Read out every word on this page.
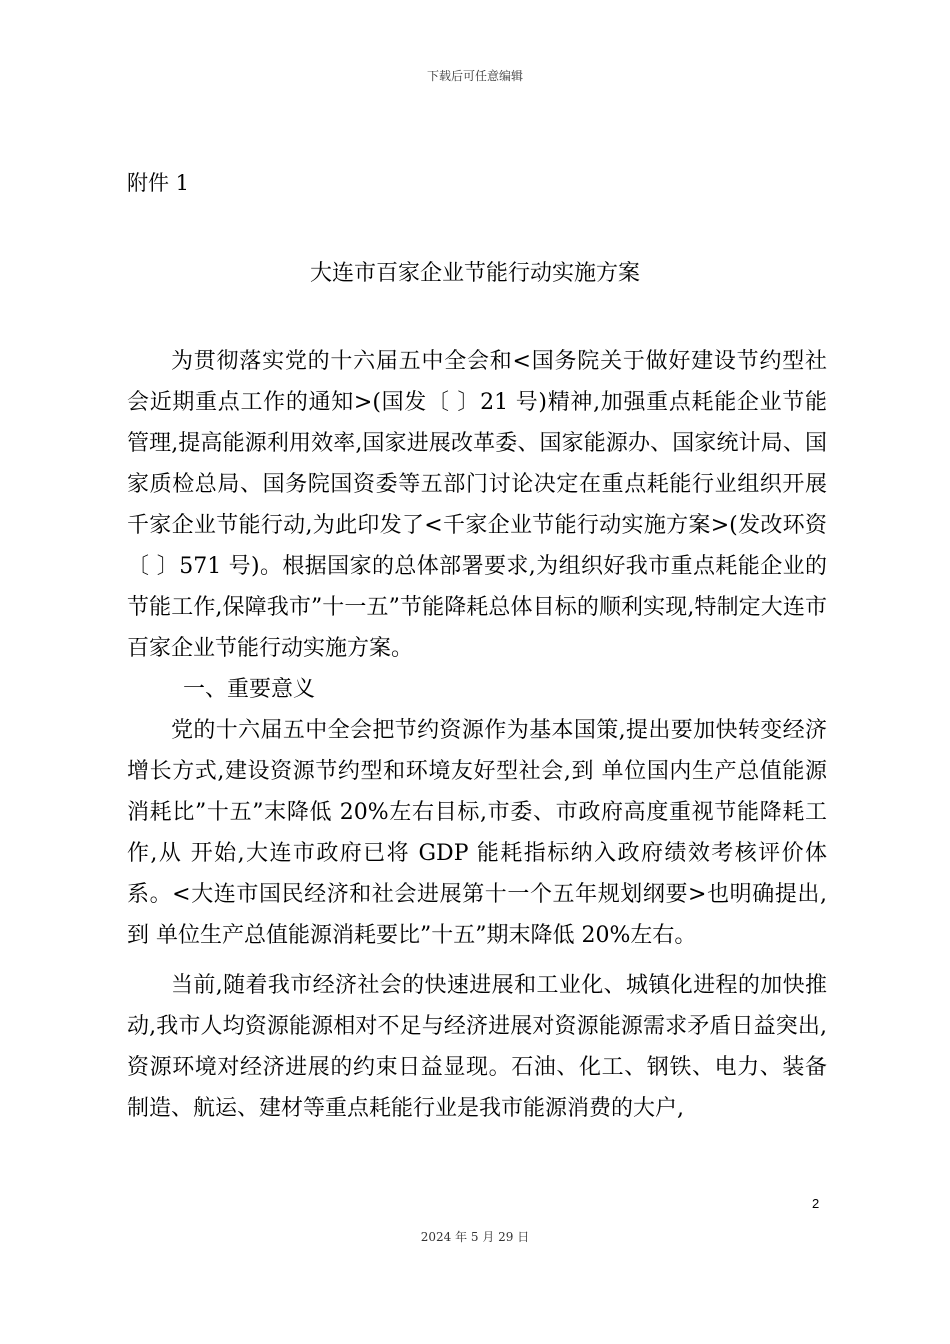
下载后可任意编辑
附件 1
大连市百家企业节能行动实施方案

为贯彻落实党的十六届五中全会和<国务院关于做好建设节约型社会近期重点工作的通知>(国发〔 〕21 号)精神,加强重点耗能企业节能管理,提高能源利用效率,国家进展改革委、国家能源办、国家统计局、国家质检总局、国务院国资委等五部门讨论决定在重点耗能行业组织开展千家企业节能行动,为此印发了<千家企业节能行动实施方案>(发改环资〔 〕571 号)。根据国家的总体部署要求,为组织好我市重点耗能企业的节能工作,保障我市”十一五”节能降耗总体目标的顺利实现,特制定大连市百家企业节能行动实施方案。

一、重要意义

党的十六届五中全会把节约资源作为基本国策,提出要加快转变经济增长方式,建设资源节约型和环境友好型社会,到 单位国内生产总值能源消耗比”十五”末降低 20%左右目标,市委、市政府高度重视节能降耗工作,从 开始,大连市政府已将 GDP 能耗指标纳入政府绩效考核评价体系。<大连市国民经济和社会进展第十一个五年规划纲要>也明确提出,到 单位生产总值能源消耗要比”十五”期末降低 20%左右。

当前,随着我市经济社会的快速进展和工业化、城镇化进程的加快推动,我市人均资源能源相对不足与经济进展对资源能源需求矛盾日益突出,资源环境对经济进展的约束日益显现。石油、化工、钢铁、电力、装备制造、航运、建材等重点耗能行业是我市能源消费的大户,

2
2024 年 5 月 29 日
